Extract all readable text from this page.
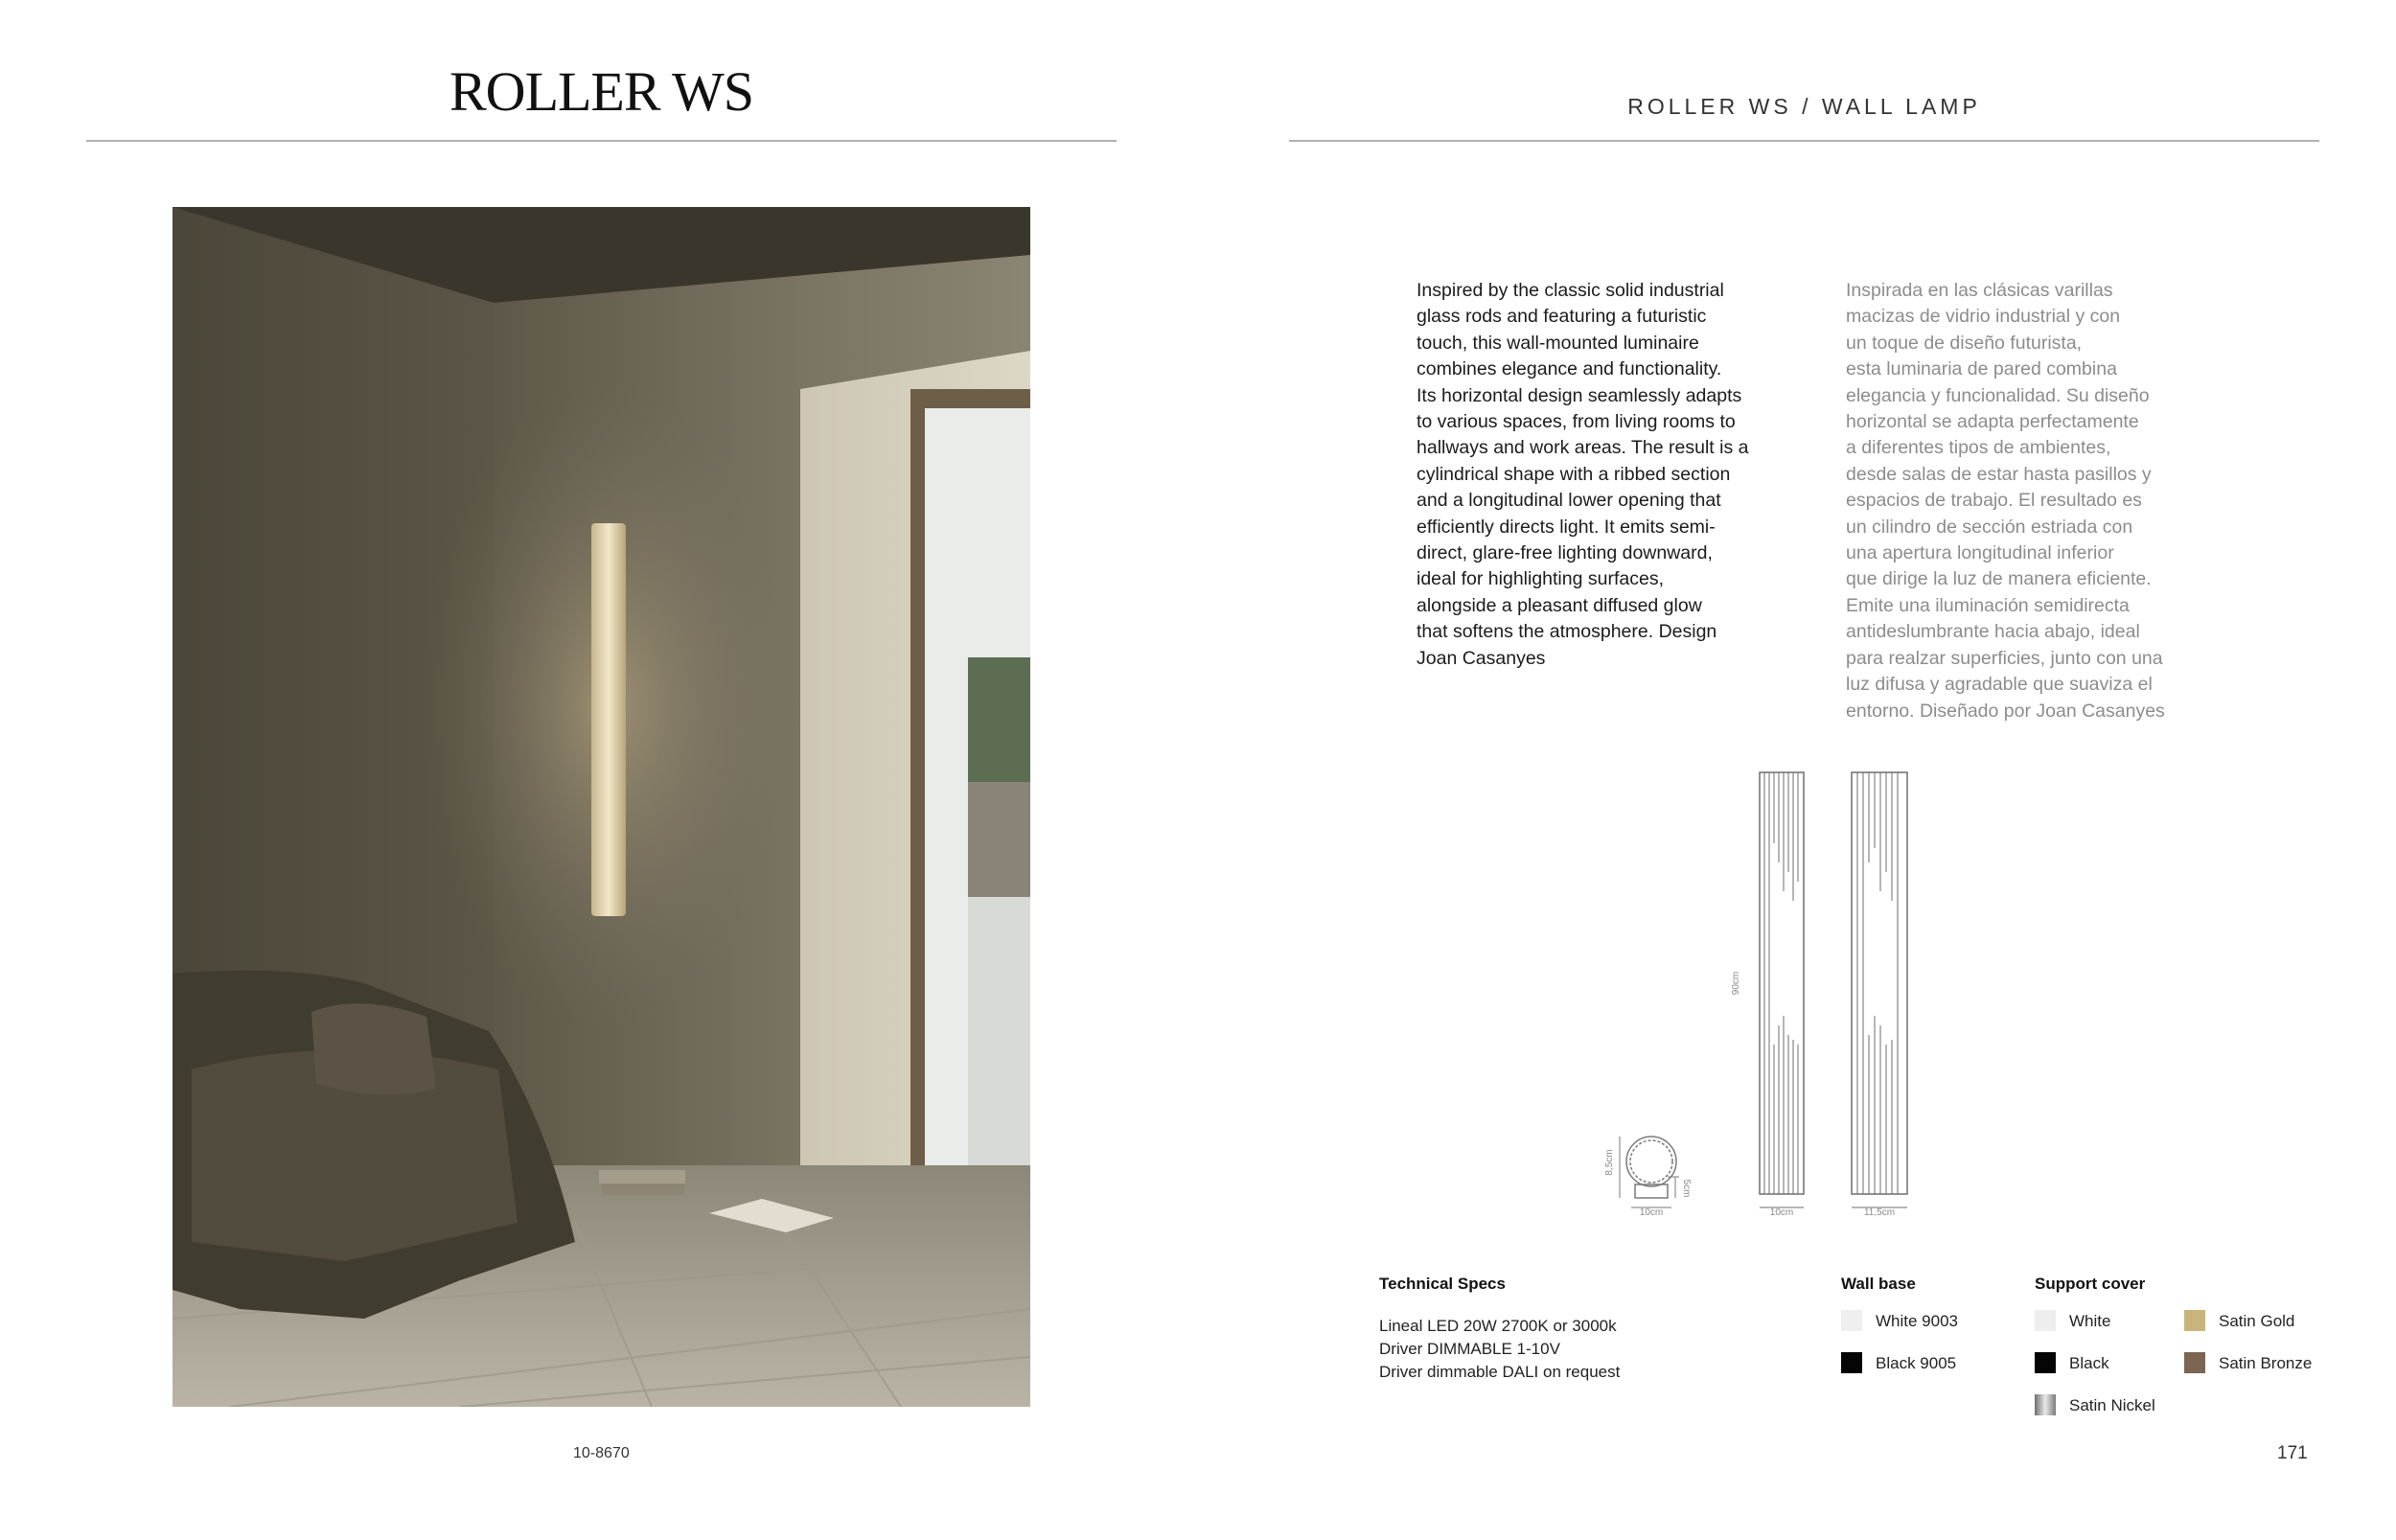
ROLLER WS
10-8670
ROLLER WS / WALL LAMP
Inspired by the classic solid industrial
glass rods and featuring a futuristic
touch, this wall-mounted luminaire
combines elegance and functionality.
Its horizontal design seamlessly adapts
to various spaces, from living rooms to
hallways and work areas. The result is a
cylindrical shape with a ribbed section
and a longitudinal lower opening that
efficiently directs light. It emits semi-
direct, glare-free lighting downward,
ideal for highlighting surfaces,
alongside a pleasant diffused glow
that softens the atmosphere. Design
Joan Casanyes
Inspirada en las clásicas varillas
macizas de vidrio industrial y con
un toque de diseño futurista,
esta luminaria de pared combina
elegancia y funcionalidad. Su diseño
horizontal se adapta perfectamente
a diferentes tipos de ambientes,
desde salas de estar hasta pasillos y
espacios de trabajo. El resultado es
un cilindro de sección estriada con
una apertura longitudinal inferior
que dirige la luz de manera eficiente.
Emite una iluminación semidirecta
antideslumbrante hacia abajo, ideal
para realzar superficies, junto con una
luz difusa y agradable que suaviza el
entorno. Diseñado por Joan Casanyes
8,5cm
5cm
10cm
90cm
10cm	11,5cm
Technical Specs
Lineal LED 20W 2700K or 3000k
Driver DIMMABLE 1-10V
Driver dimmable DALI on request
Wall base
White 9003
Black 9005
Support cover
White
Black
Satin Nickel
Satin Gold
Satin Bronze
171
